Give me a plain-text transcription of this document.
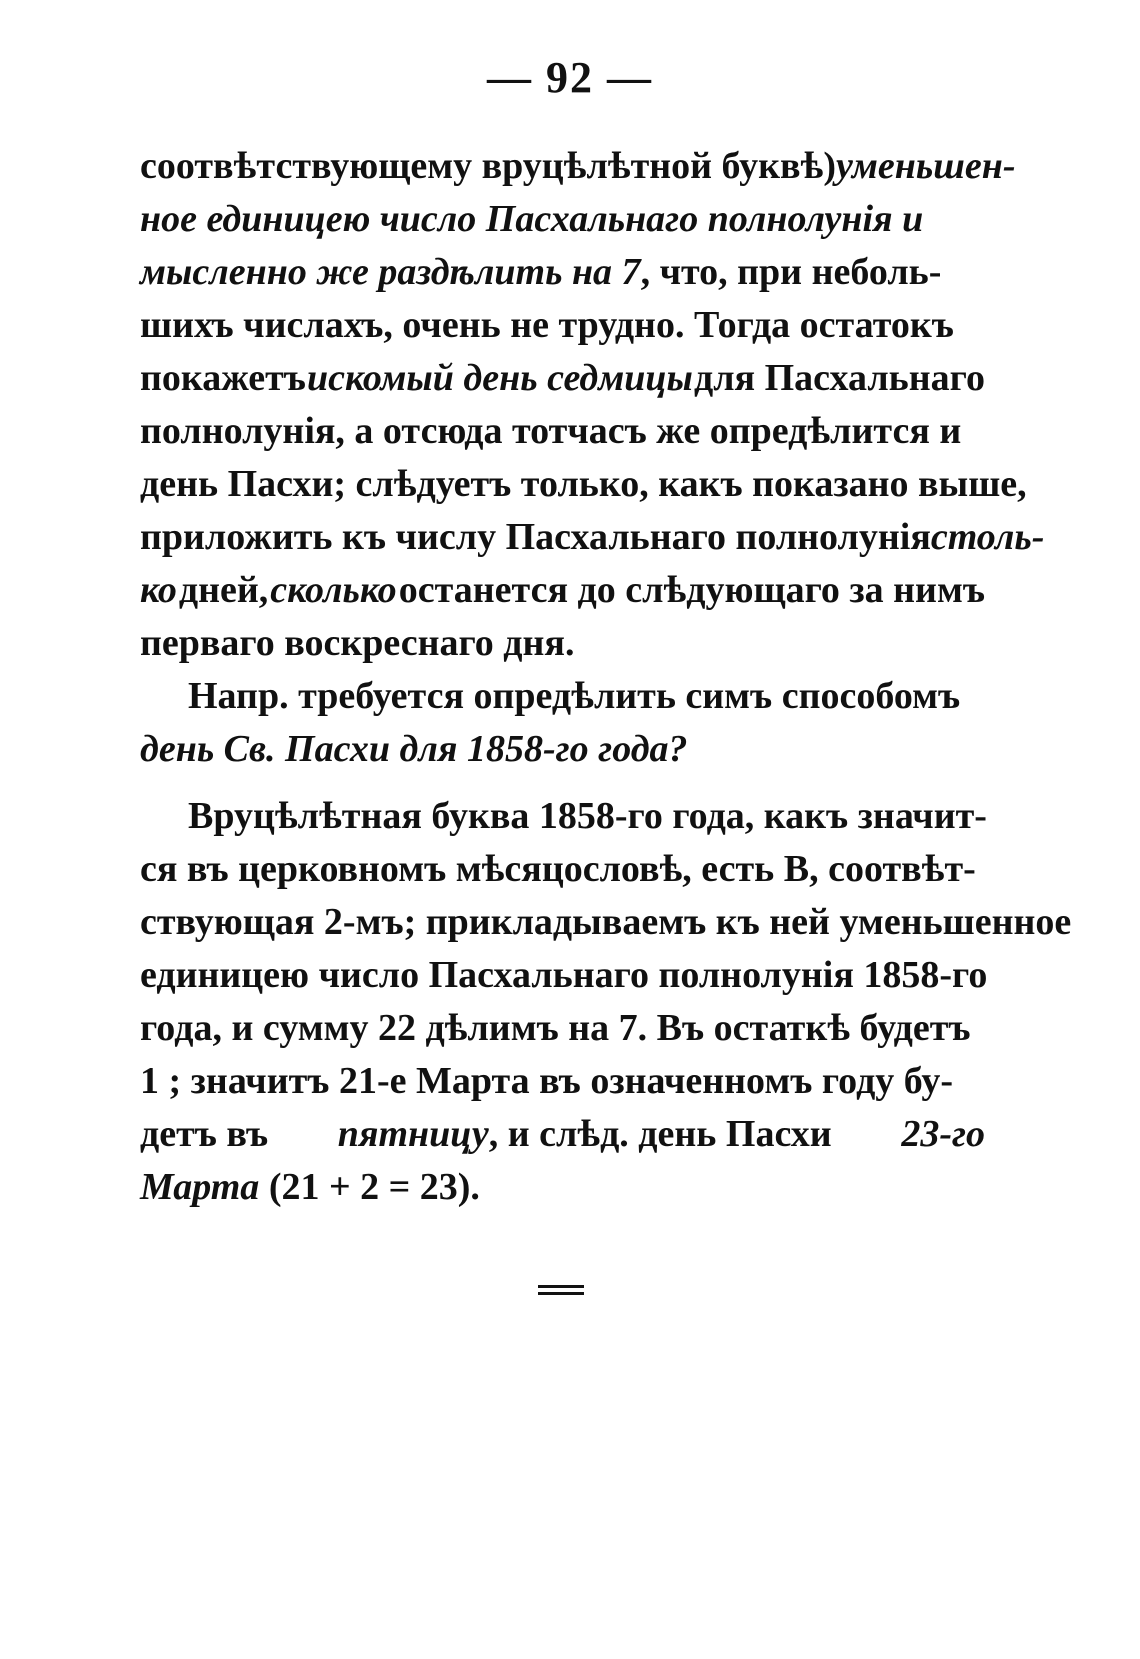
— 92 —
соотвѣтствующему вруцѣлѣтной буквѣ) уменьшен-
ное единицею число Пасхальнаго полнолунія и
мысленно же раздѣлить на 7, что, при неболь-
шихъ числахъ, очень не трудно. Тогда остатокъ
покажетъ искомый день седмицы для Пасхальнаго
полнолунія, а отсюда тотчасъ же опредѣлится и
день Пасхи; слѣдуетъ только, какъ показано выше,
приложить къ числу Пасхальнаго полнолунія столь-
ко дней, сколько останется до слѣдующаго за нимъ
перваго воскреснаго дня.
Напр. требуется опредѣлить симъ способомъ
день Св. Пасхи для 1858-го года?
Вруцѣлѣтная буква 1858-го года, какъ значит-
ся въ церковномъ мѣсяцословѣ, есть В, соотвѣт-
ствующая 2-мъ; прикладываемъ къ ней уменьшенное
единицею число Пасхальнаго полнолунія 1858-го
года, и сумму 22 дѣлимъ на 7. Въ остаткѣ будетъ
1 ; значитъ 21-е Марта въ означенномъ году бу-
детъ въ пятницу, и слѣд. день Пасхи 23-го
Марта (21 + 2 = 23).
